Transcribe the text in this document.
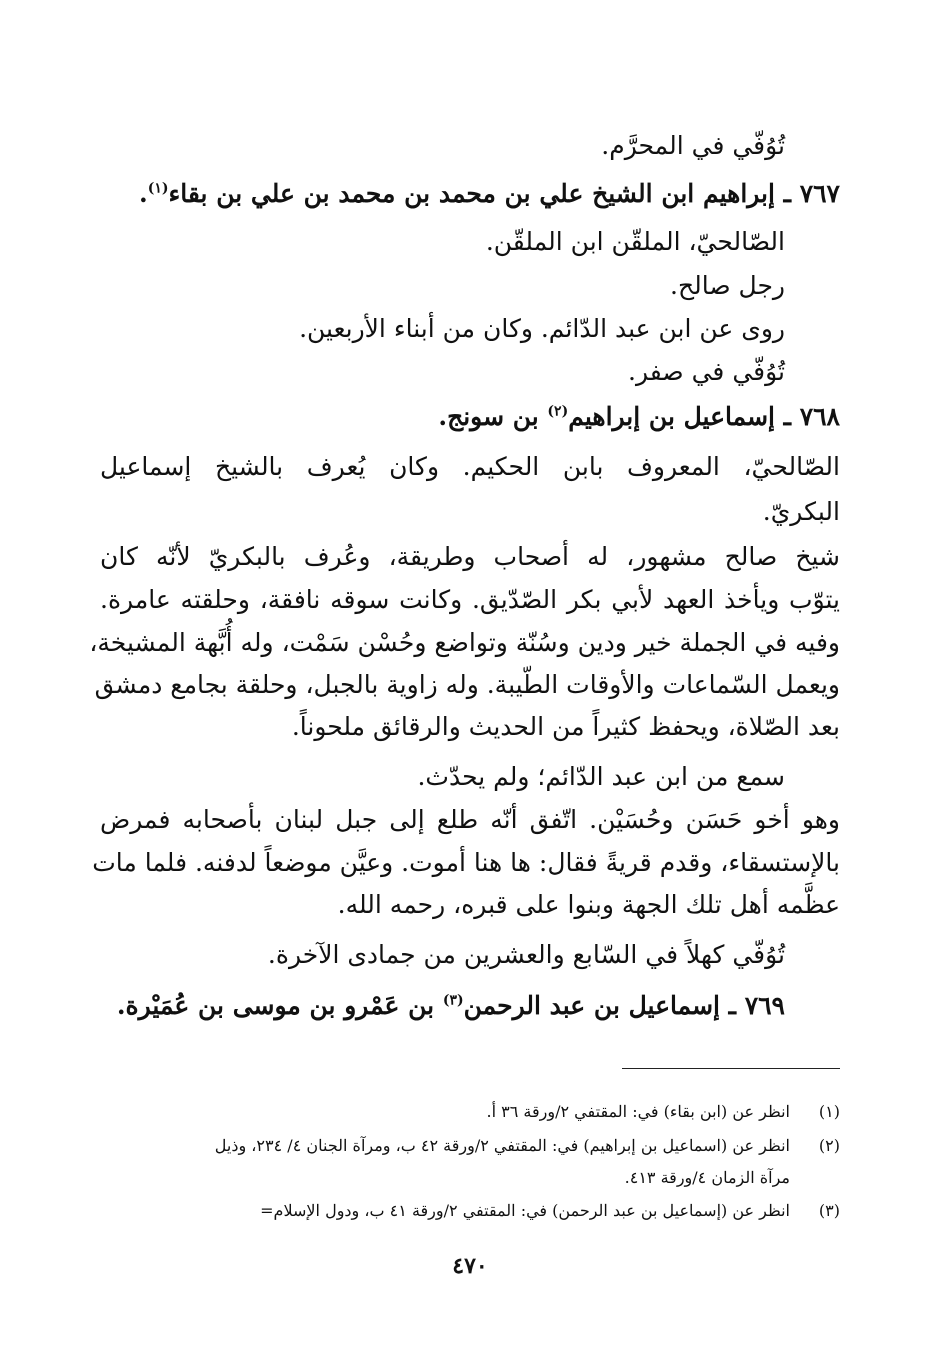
تُوُفّي في المحرَّم.
٧٦٧ ـ إبراهيم ابن الشيخ علي بن محمد بن محمد بن علي بن بقاء$^{(١)}$.
الصّالحيّ، الملقّن ابن الملقّن.
رجل صالح.
روى عن ابن عبد الدّائم. وكان من أبناء الأربعين.
تُوُفّي في صفر.
٧٦٨ ـ إسماعيل بن إبراهيم$^{(٢)}$ بن سونج.
الصّالحيّ، المعروف بابن الحكيم. وكان يُعرف بالشيخ إسماعيل
البكريّ.
شيخ صالح مشهور، له أصحاب وطريقة، وعُرف بالبكريّ لأنّه كان
يتوّب ويأخذ العهد لأبي بكر الصّدّيق. وكانت سوقه نافقة، وحلقته عامرة.
وفيه في الجملة خير ودين وسُنّة وتواضع وحُسْن سَمْت، وله أُبَّهة المشيخة،
ويعمل السّماعات والأوقات الطّيبة. وله زاوية بالجبل، وحلقة بجامع دمشق
بعد الصّلاة، ويحفظ كثيراً من الحديث والرقائق ملحوناً.
سمع من ابن عبد الدّائم؛ ولم يحدّث.
وهو أخو حَسَن وحُسَيْن. اتّفق أنّه طلع إلى جبل لبنان بأصحابه فمرض
بالإستسقاء، وقدم قريةً فقال: ها هنا أموت. وعيَّن موضعاً لدفنه. فلما مات
عظَّمه أهل تلك الجهة وبنوا على قبره، رحمه الله.
تُوُفّي كهلاً في السّابع والعشرين من جمادى الآخرة.
٧٦٩ ـ إسماعيل بن عبد الرحمن$^{(٣)}$ بن عَمْرو بن موسى بن عُمَيْرة.
(١)انظر عن (ابن بقاء) في: المقتفي ٢/ورقة ٣٦ أ.
(٢)انظر عن (اسماعيل بن إبراهيم) في: المقتفي ٢/ورقة ٤٢ ب، ومرآة الجنان ٤/ ٢٣٤، وذيل
مرآة الزمان ٤/ورقة ٤١٣.
(٣)انظر عن (إسماعيل بن عبد الرحمن) في: المقتفي ٢/ورقة ٤١ ب، ودول الإسلام=
٤٧٠
